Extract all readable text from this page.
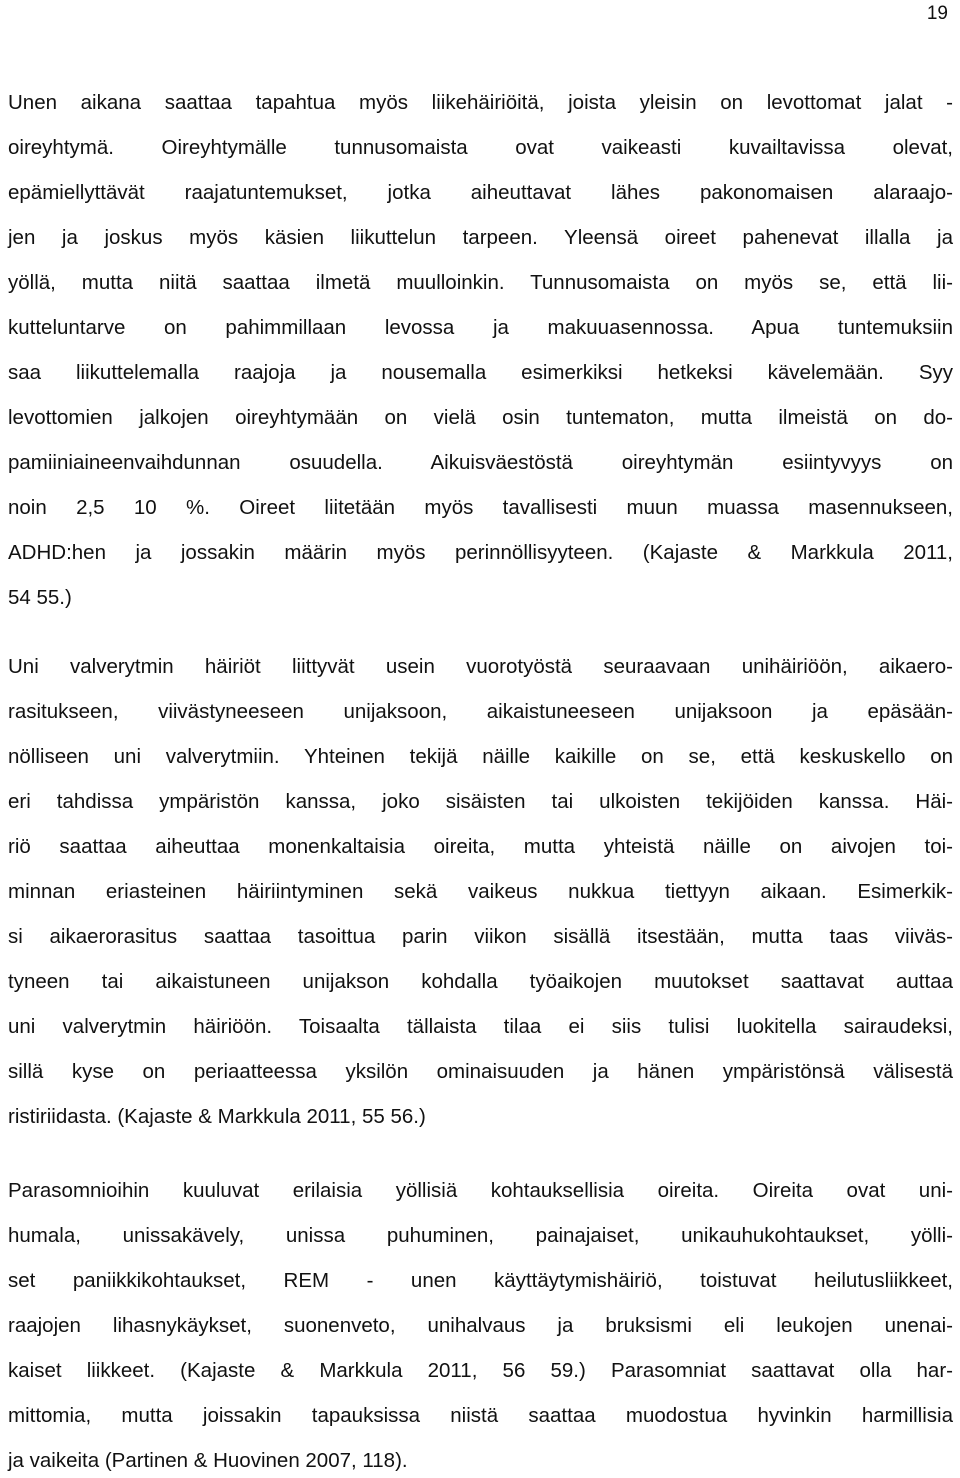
19
Unen aikana saattaa tapahtua myös liikehäiriöitä, joista yleisin on levottomat jalat -
oireyhtymä. Oireyhtymälle tunnusomaista ovat vaikeasti kuvailtavissa olevat,
epämiellyttävät raajatuntemukset, jotka aiheuttavat lähes pakonomaisen alaraajo-
jen ja joskus myös käsien liikuttelun tarpeen. Yleensä oireet pahenevat illalla ja
yöllä, mutta niitä saattaa ilmetä muulloinkin. Tunnusomaista on myös se, että lii-
kutteluntarve on pahimmillaan levossa ja makuuasennossa. Apua tuntemuksiin
saa liikuttelemalla raajoja ja nousemalla esimerkiksi hetkeksi kävelemään. Syy
levottomien jalkojen oireyhtymään on vielä osin tuntematon, mutta ilmeistä on do-
pamiiniaineenvaihdunnan osuudella. Aikuisväestöstä oireyhtymän esiintyvyys on
noin 2,5 10 %. Oireet liitetään myös tavallisesti muun muassa masennukseen,
ADHD:hen ja jossakin määrin myös perinnöllisyyteen. (Kajaste & Markkula 2011,
54 55.)
Uni valverytmin häiriöt liittyvät usein vuorotyöstä seuraavaan unihäiriöön, aikaero-
rasitukseen, viivästyneeseen unijaksoon, aikaistuneeseen unijaksoon ja epäsään-
nölliseen uni valverytmiin. Yhteinen tekijä näille kaikille on se, että keskuskello on
eri tahdissa ympäristön kanssa, joko sisäisten tai ulkoisten tekijöiden kanssa. Häi-
riö saattaa aiheuttaa monenkaltaisia oireita, mutta yhteistä näille on aivojen toi-
minnan eriasteinen häiriintyminen sekä vaikeus nukkua tiettyyn aikaan. Esimerkik-
si aikaerorasitus saattaa tasoittua parin viikon sisällä itsestään, mutta taas viiväs-
tyneen tai aikaistuneen unijakson kohdalla työaikojen muutokset saattavat auttaa
uni valverytmin häiriöön. Toisaalta tällaista tilaa ei siis tulisi luokitella sairaudeksi,
sillä kyse on periaatteessa yksilön ominaisuuden ja hänen ympäristönsä välisestä
ristiriidasta. (Kajaste & Markkula 2011, 55 56.)
Parasomnioihin kuuluvat erilaisia yöllisiä kohtauksellisia oireita. Oireita ovat uni-
humala, unissakävely, unissa puhuminen, painajaiset, unikauhukohtaukset, yölli-
set paniikkikohtaukset, REM - unen käyttäytymishäiriö, toistuvat heilutusliikkeet,
raajojen lihasnykäykset, suonenveto, unihalvaus ja bruksismi eli leukojen unenai-
kaiset liikkeet. (Kajaste & Markkula 2011, 56 59.) Parasomniat saattavat olla har-
mittomia, mutta joissakin tapauksissa niistä saattaa muodostua hyvinkin harmillisia
ja vaikeita (Partinen & Huovinen 2007, 118).
